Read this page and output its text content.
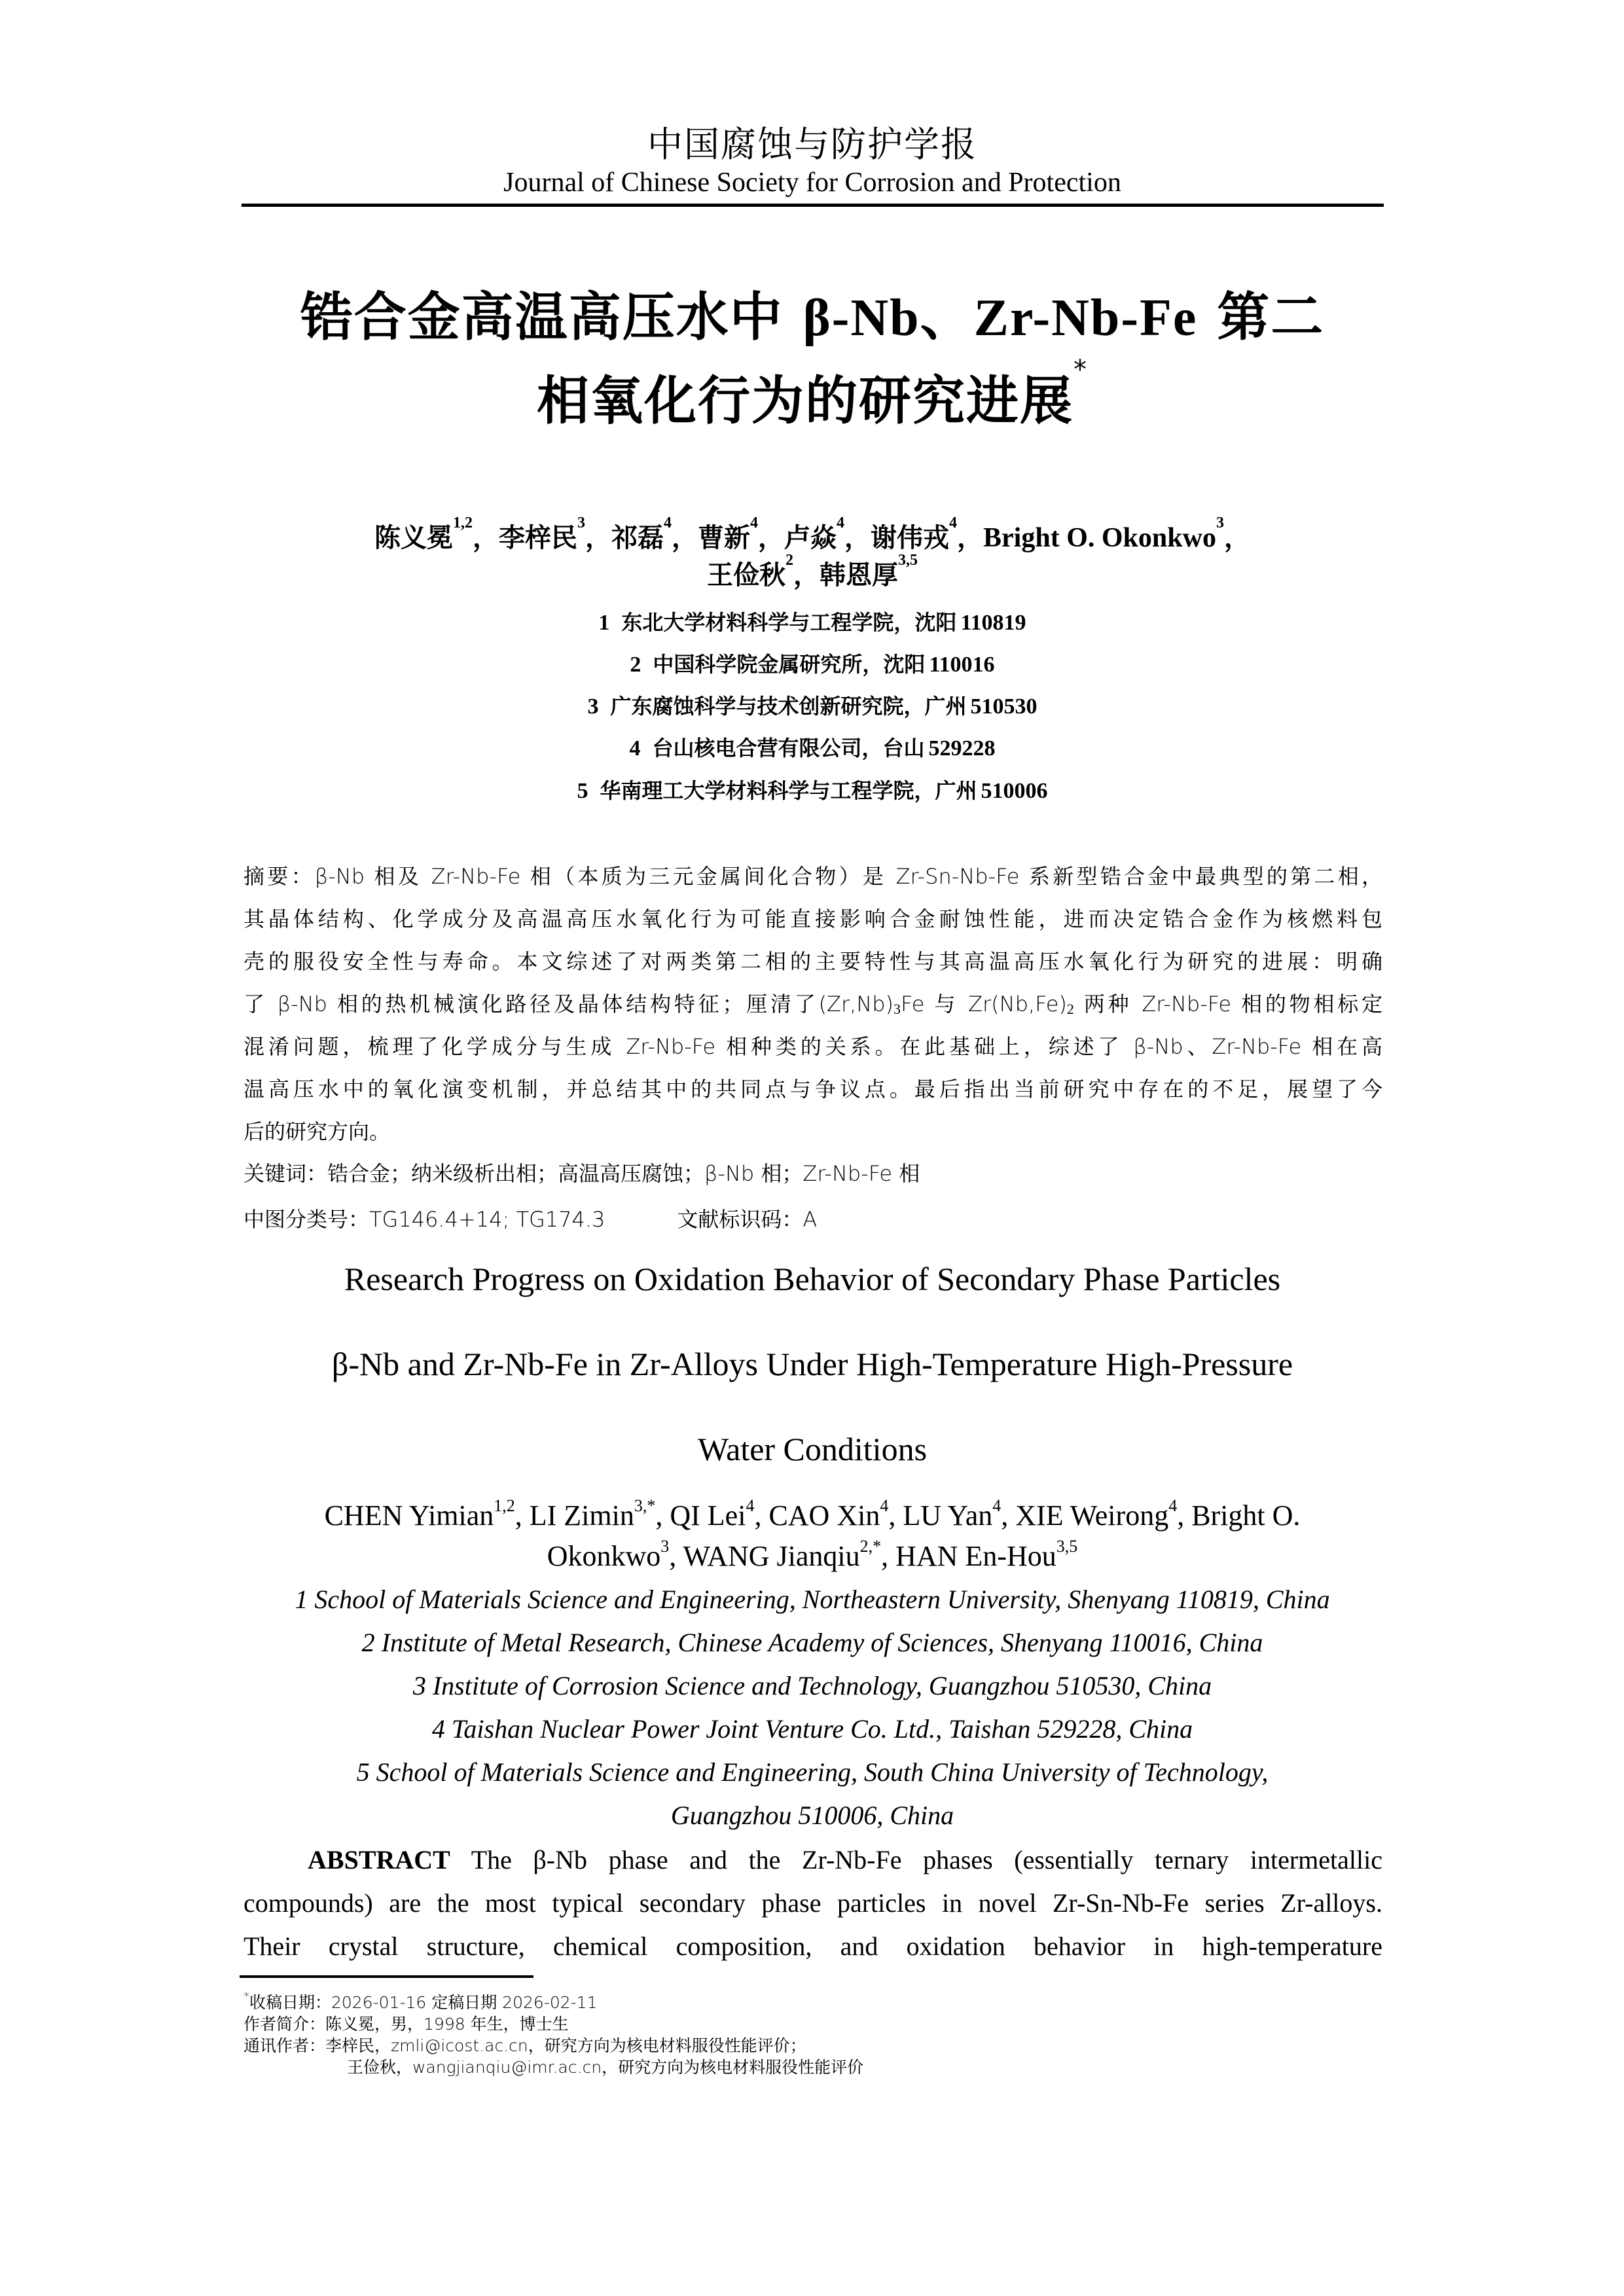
中国腐蚀与防护学报
Journal of Chinese Society for Corrosion and Protection
锆合金高温高压水中 β-Nb、Zr-Nb-Fe 第二
相氧化行为的研究进展*
陈义冕$^{1,2}$，李梓民$^3$，祁磊$^4$，曹新$^4$，卢焱$^4$，谢伟戎$^4$，Bright O. Okonkwo$^3$，
王俭秋$^2$，韩恩厚$^{3,5}$
1 东北大学材料科学与工程学院，沈阳 110819
2 中国科学院金属研究所，沈阳 110016
3 广东腐蚀科学与技术创新研究院，广州 510530
4 台山核电合营有限公司，台山 529228
5 华南理工大学材料科学与工程学院，广州 510006
摘要：β-Nb 相及 Zr-Nb-Fe 相（本质为三元金属间化合物）是 Zr-Sn-Nb-Fe 系新型锆合金中最典型的第二相，
其晶体结构、化学成分及高温高压水氧化行为可能直接影响合金耐蚀性能，进而决定锆合金作为核燃料包
壳的服役安全性与寿命。本文综述了对两类第二相的主要特性与其高温高压水氧化行为研究的进展：明确
了 β-Nb 相的热机械演化路径及晶体结构特征；厘清了$(Zr,Nb)_3Fe$ 与 $Zr(Nb,Fe)_2$ 两种 Zr-Nb-Fe 相的物相标定
混淆问题，梳理了化学成分与生成 Zr-Nb-Fe 相种类的关系。在此基础上，综述了 β-Nb、Zr-Nb-Fe 相在高
温高压水中的氧化演变机制，并总结其中的共同点与争议点。最后指出当前研究中存在的不足，展望了今
后的研究方向。
关键词：锆合金；纳米级析出相；高温高压腐蚀；β-Nb 相；Zr-Nb-Fe 相
中图分类号：TG146.4+14; TG174.3	文献标识码：A
Research Progress on Oxidation Behavior of Secondary Phase Particles
β-Nb and Zr-Nb-Fe in Zr-Alloys Under High-Temperature High-Pressure
Water Conditions
CHEN Yimian$^{1,2}$, LI Zimin$^{3,*}$, QI Lei$^4$, CAO Xin$^4$, LU Yan$^4$, XIE Weirong$^4$, Bright O.
Okonkwo$^3$, WANG Jianqiu$^{2,*}$, HAN En-Hou$^{3,5}$
1 School of Materials Science and Engineering, Northeastern University, Shenyang 110819, China
2 Institute of Metal Research, Chinese Academy of Sciences, Shenyang 110016, China
3 Institute of Corrosion Science and Technology, Guangzhou 510530, China
4 Taishan Nuclear Power Joint Venture Co. Ltd., Taishan 529228, China
5 School of Materials Science and Engineering, South China University of Technology,
Guangzhou 510006, China
ABSTRACT The β-Nb phase and the Zr-Nb-Fe phases (essentially ternary intermetallic
compounds) are the most typical secondary phase particles in novel Zr-Sn-Nb-Fe series Zr-alloys.
Their crystal structure, chemical composition, and oxidation behavior in high-temperature
*收稿日期：2026-01-16 定稿日期 2026-02-11
作者简介：陈义冕，男，1998 年生，博士生
通讯作者：李梓民，zmli@icost.ac.cn，研究方向为核电材料服役性能评价；
王俭秋，wangjianqiu@imr.ac.cn，研究方向为核电材料服役性能评价
